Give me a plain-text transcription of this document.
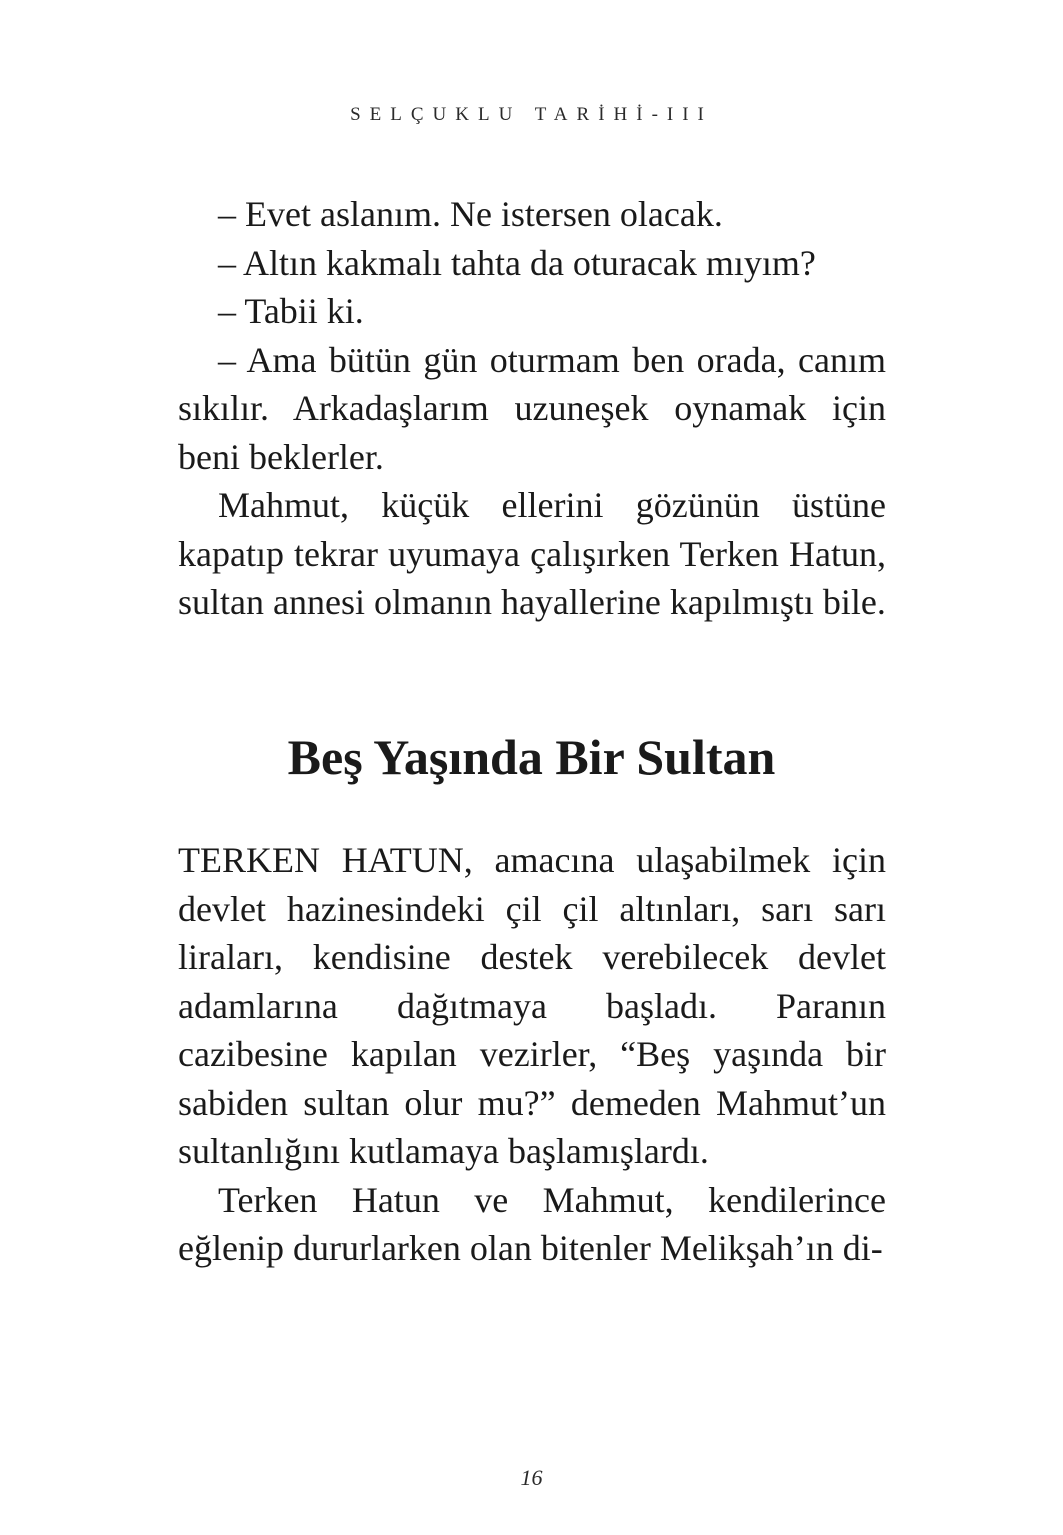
SELÇUKLU TARİHİ-III

– Evet aslanım. Ne istersen olacak.

– Altın kakmalı tahta da oturacak mıyım?

– Tabii ki.

– Ama bütün gün oturmam ben orada, canım sıkılır. Arkadaşlarım uzuneşek oynamak için beni beklerler.

Mahmut, küçük ellerini gözünün üstüne kapatıp tekrar uyumaya çalışırken Terken Hatun, sultan annesi olmanın hayallerine kapılmıştı bile.

Beş Yaşında Bir Sultan

TERKEN HATUN, amacına ulaşabilmek için devlet hazinesindeki çil çil altınları, sarı sarı liraları, kendisine destek verebilecek devlet adamlarına dağıtmaya başladı. Paranın cazibesine kapılan vezirler, “Beş yaşında bir sabiden sultan olur mu?” demeden Mahmut’un sultanlığını kutlamaya başlamışlardı.

Terken Hatun ve Mahmut, kendilerince eğlenip dururlarken olan bitenler Melikşah’ın di-

16
